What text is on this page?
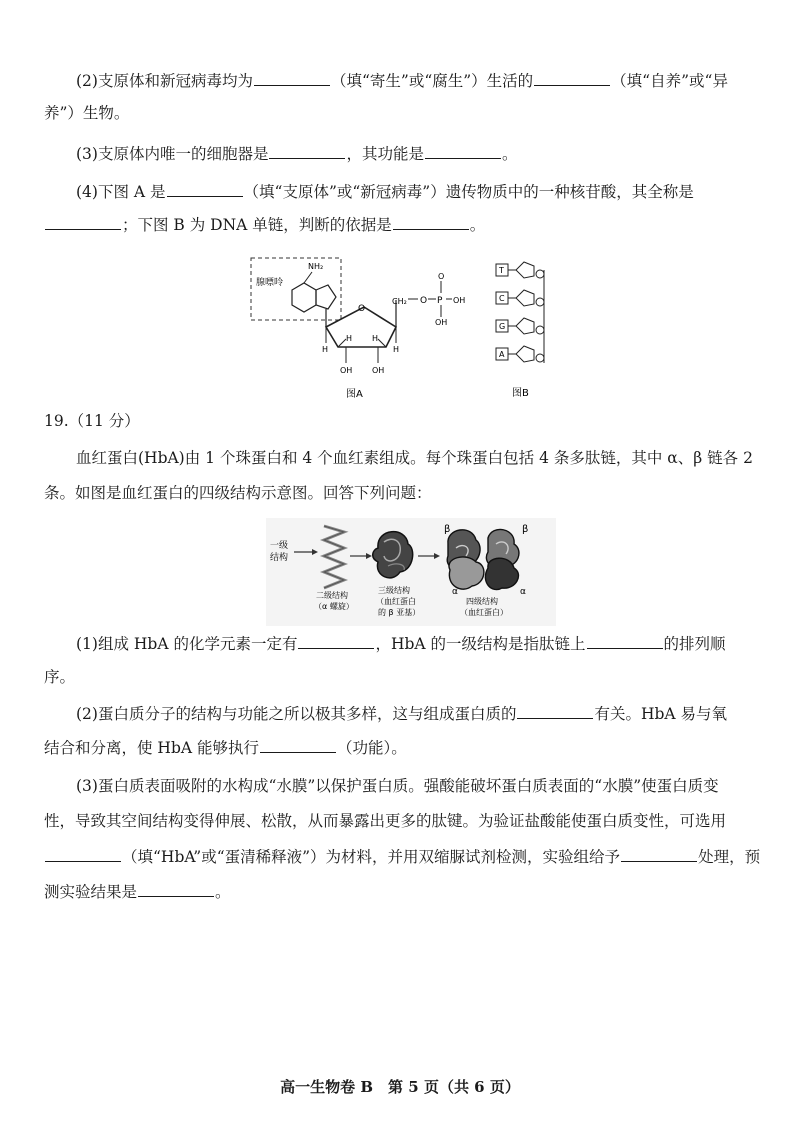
(2)支原体和新冠病毒均为	（填“寄生”或“腐生”）生活的	（填“自养”或“异
养”）生物。
(3)支原体内唯一的细胞器是	，其功能是	。
(4)下图 A 是	（填“支原体”或“新冠病毒”）遗传物质中的一种核苷酸，其全称是
；下图 B 为 DNA 单链，判断的依据是	。
腺嘌呤
NH₂
O
CH₂ O P
O
OH
OH
H	H
H H
OH OH
图A
T
C
G
A
图B
19.（11 分）
血红蛋白(HbA)由 1 个珠蛋白和 4 个血红素组成。每个珠蛋白包括 4 条多肽链，其中 α、β 链各 2
条。如图是血红蛋白的四级结构示意图。回答下列问题：
一级
结构
二级结构
（α 螺旋）
三级结构
（血红蛋白
的 β 亚基）
β	β
α	α
四级结构
（血红蛋白）
(1)组成 HbA 的化学元素一定有	，HbA 的一级结构是指肽链上	的排列顺
序。
(2)蛋白质分子的结构与功能之所以极其多样，这与组成蛋白质的	有关。HbA 易与氧
结合和分离，使 HbA 能够执行	（功能）。
(3)蛋白质表面吸附的水构成“水膜”以保护蛋白质。强酸能破坏蛋白质表面的“水膜”使蛋白质变
性，导致其空间结构变得伸展、松散，从而暴露出更多的肽键。为验证盐酸能使蛋白质变性，可选用
（填“HbA”或“蛋清稀释液”）为材料，并用双缩脲试剂检测，实验组给予	处理，预
测实验结果是	。
高一生物卷 B　第 5 页（共 6 页）
